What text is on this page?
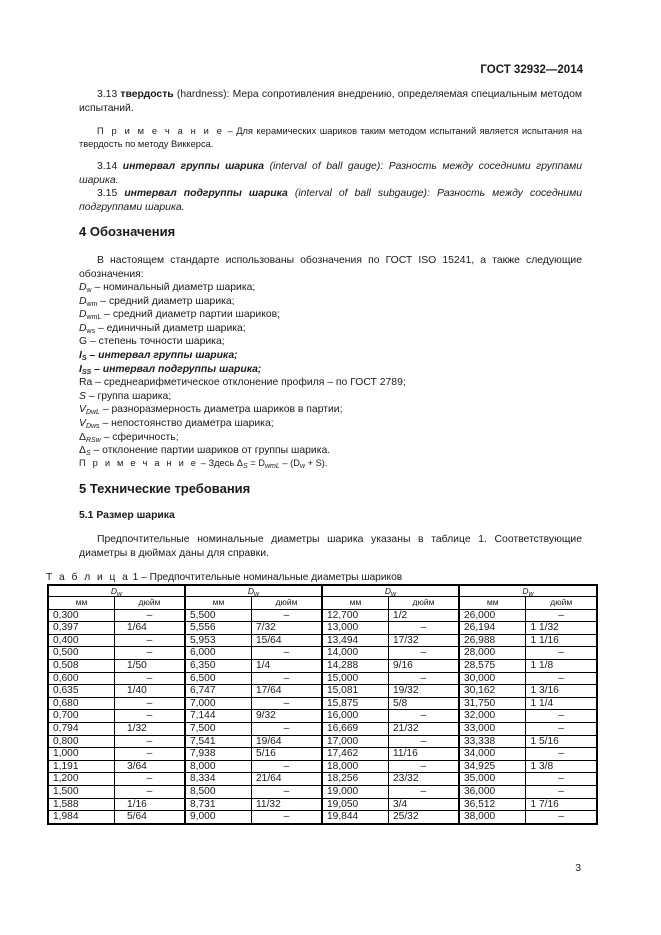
ГОСТ 32932—2014

3.13 твердость (hardness): Мера сопротивления внедрению, определяемая специальным методом испытаний.

П р и м е ч а н и е – Для керамических шариков таким методом испытаний является испытания на твердость по методу Виккерса.

3.14 интервал группы шарика (interval of ball gauge): Разность между соседними группами шарика.

3.15 интервал подгруппы шарика (interval of ball subgauge): Разность между соседними подгруппами шарика.

4 Обозначения

В настоящем стандарте использованы обозначения по ГОСТ ISO 15241, а также следующие обозначения:

$D_w$ – номинальный диаметр шарика;
$D_{wm}$ – средний диаметр шарика;
$D_{wmL}$ – средний диаметр партии шариков;
$D_{ws}$ – единичный диаметр шарика;
G – степень точности шарика;
$I_S$ – интервал группы шарика;
$I_{SS}$ – интервал подгруппы шарика;
Ra – среднеарифметическое отклонение профиля – по ГОСТ 2789;
S – группа шарика;
$V_{DwL}$ – разноразмерность диаметра шариков в партии;
$V_{Dws}$ – непостоянство диаметра шарика;
$\Delta_{RSw}$ – сферичность;
$\Delta_S$ – отклонение партии шариков от группы шарика.

П р и м е ч а н и е – Здесь $\Delta_S = D_{wmL} - (D_w + S)$.

5 Технические требования
5.1 Размер шарика

Предпочтительные номинальные диаметры шарика указаны в таблице 1. Соответствующие диаметры в дюймах даны для справки.

Т а б л и ц а 1 – Предпочтительные номинальные диаметры шариков
$D_w$		$D_w$		$D_w$		$D_w$
мм	дюйм	мм	дюйм	мм	дюйм	мм	дюйм
0,300	–	5,500	–	12,700	1/2	26,000	–
0,397	1/64	5,556	7/32	13,000	–	26,194	1 1/32
0,400	–	5,953	15/64	13,494	17/32	26,988	1 1/16
0,500	–	6,000	–	14,000	–	28,000	–
0,508	1/50	6,350	1/4	14,288	9/16	28,575	1 1/8
0,600	–	6,500	–	15,000	–	30,000	–
0,635	1/40	6,747	17/64	15,081	19/32	30,162	1 3/16
0,680	–	7,000	–	15,875	5/8	31,750	1 1/4
0,700	–	7,144	9/32	16,000	–	32,000	–
0,794	1/32	7,500	–	16,669	21/32	33,000	–
0,800	–	7,541	19/64	17,000	–	33,338	1 5/16
1,000	–	7,938	5/16	17,462	11/16	34,000	–
1,191	3/64	8,000	–	18,000	–	34,925	1 3/8
1,200	–	8,334	21/64	18,256	23/32	35,000	–
1,500	–	8,500	–	19,000	–	36,000	–
1,588	1/16	8,731	11/32	19,050	3/4	36,512	1 7/16
1,984	5/64	9,000	–	19,844	25/32	38,000	–
3
